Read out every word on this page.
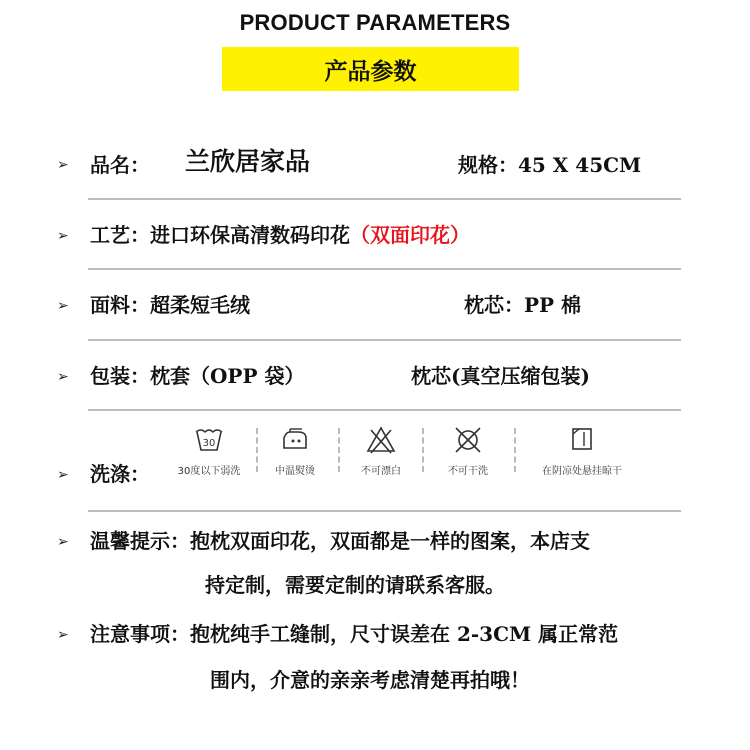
PRODUCT PARAMETERS
产品参数
➢ 品名： 兰欣居家品	规格：45 X 45CM
➢ 工艺：进口环保高清数码印花（双面印花）
➢ 面料：超柔短毛绒	枕芯：PP 棉
➢ 包装：枕套（OPP 袋）	枕芯(真空压缩包装)
➢ 洗涤：
30
30度以下弱洗	中温熨烫	不可漂白	不可干洗	在阴凉处悬挂晾干
➢ 温馨提示：抱枕双面印花，双面都是一样的图案，本店支
持定制，需要定制的请联系客服。
➢ 注意事项：抱枕纯手工缝制，尺寸误差在 2-3CM 属正常范
围内，介意的亲亲考虑清楚再拍哦！
